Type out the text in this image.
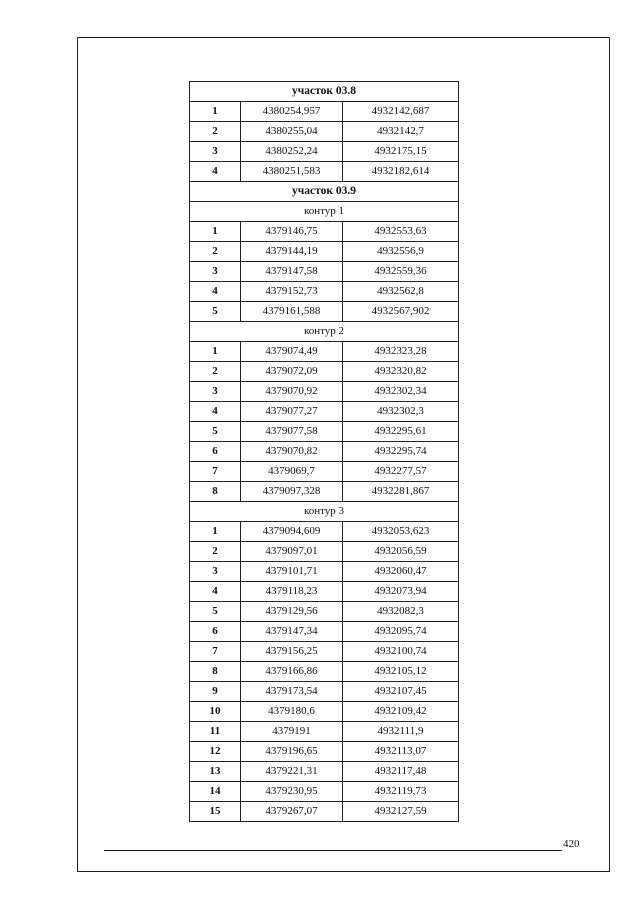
участок 03.8		
1	4380254,957	4932142,687
2	4380255,04	4932142,7
3	4380252,24	4932175,15
4	4380251,583	4932182,614
участок 03.9		
контур 1		
1	4379146,75	4932553,63
2	4379144,19	4932556,9
3	4379147,58	4932559,36
4	4379152,73	4932562,8
5	4379161,588	4932567,902
контур 2		
1	4379074,49	4932323,28
2	4379072,09	4932320,82
3	4379070,92	4932302,34
4	4379077,27	4932302,3
5	4379077,58	4932295,61
6	4379070,82	4932295,74
7	4379069,7	4932277,57
8	4379097,328	4932281,867
контур 3		
1	4379094,609	4932053,623
2	4379097,01	4932056,59
3	4379101,71	4932060,47
4	4379118,23	4932073,94
5	4379129,56	4932082,3
6	4379147,34	4932095,74
7	4379156,25	4932100,74
8	4379166,86	4932105,12
9	4379173,54	4932107,45
10	4379180,6	4932109,42
11	4379191	4932111,9
12	4379196,65	4932113,07
13	4379221,31	4932117,48
14	4379230,95	4932119,73
15	4379267,07	4932127,59
420
